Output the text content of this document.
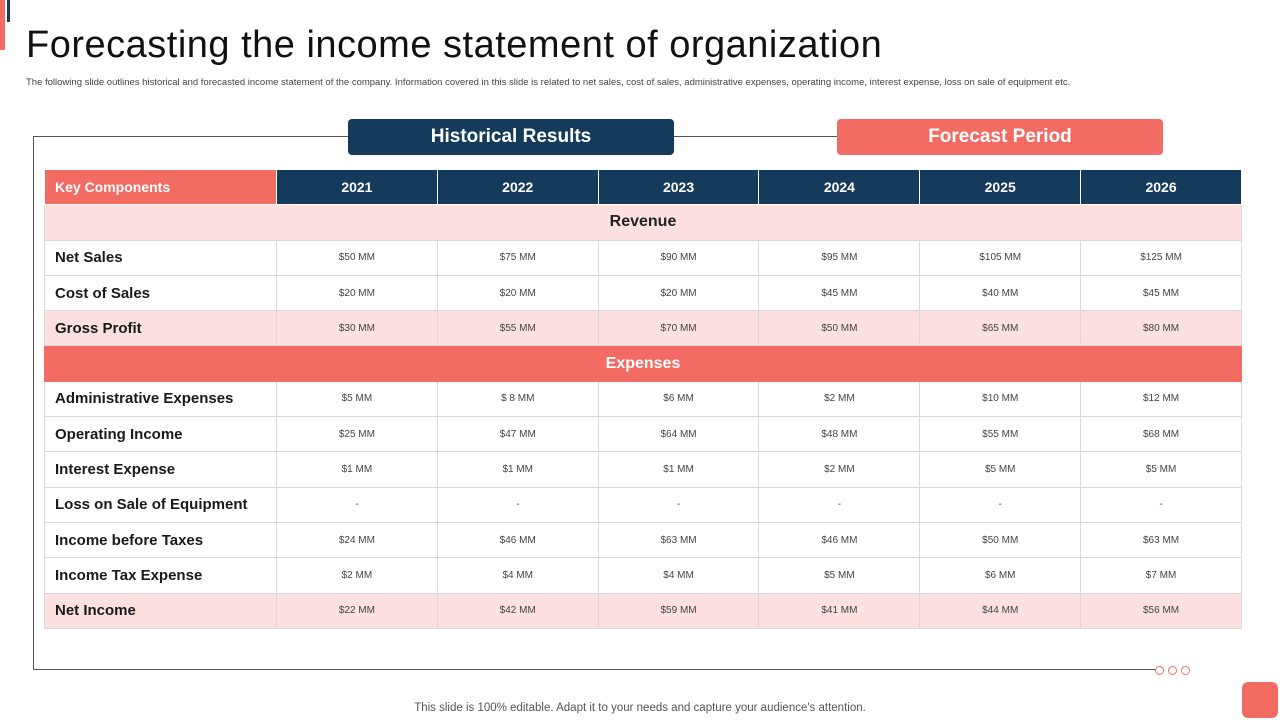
Forecasting the income statement of organization
The following slide outlines historical and forecasted income statement of the company. Information covered in this slide is related to net sales, cost of sales, administrative expenses, operating income, interest expense, loss on sale of equipment etc.
Historical Results	Forecast Period
Key Components	2021	2022	2023	2024	2025	2026
Revenue						
Net Sales	$50 MM	$75 MM	$90 MM	$95 MM	$105 MM	$125 MM
Cost of Sales	$20 MM	$20 MM	$20 MM	$45 MM	$40 MM	$45 MM
Gross Profit	$30 MM	$55 MM	$70 MM	$50 MM	$65 MM	$80 MM
Expenses						
Administrative Expenses	$5 MM	$ 8 MM	$6 MM	$2 MM	$10 MM	$12 MM
Operating Income	$25 MM	$47 MM	$64 MM	$48 MM	$55 MM	$68 MM
Interest Expense	$1 MM	$1 MM	$1 MM	$2 MM	$5 MM	$5 MM
Loss on Sale of Equipment	-	-	-	-	-	-
Income before Taxes	$24 MM	$46 MM	$63 MM	$46 MM	$50 MM	$63 MM
Income Tax Expense	$2 MM	$4 MM	$4 MM	$5 MM	$6 MM	$7 MM
Net Income	$22 MM	$42 MM	$59 MM	$41 MM	$44 MM	$56 MM
This slide is 100% editable. Adapt it to your needs and capture your audience's attention.
